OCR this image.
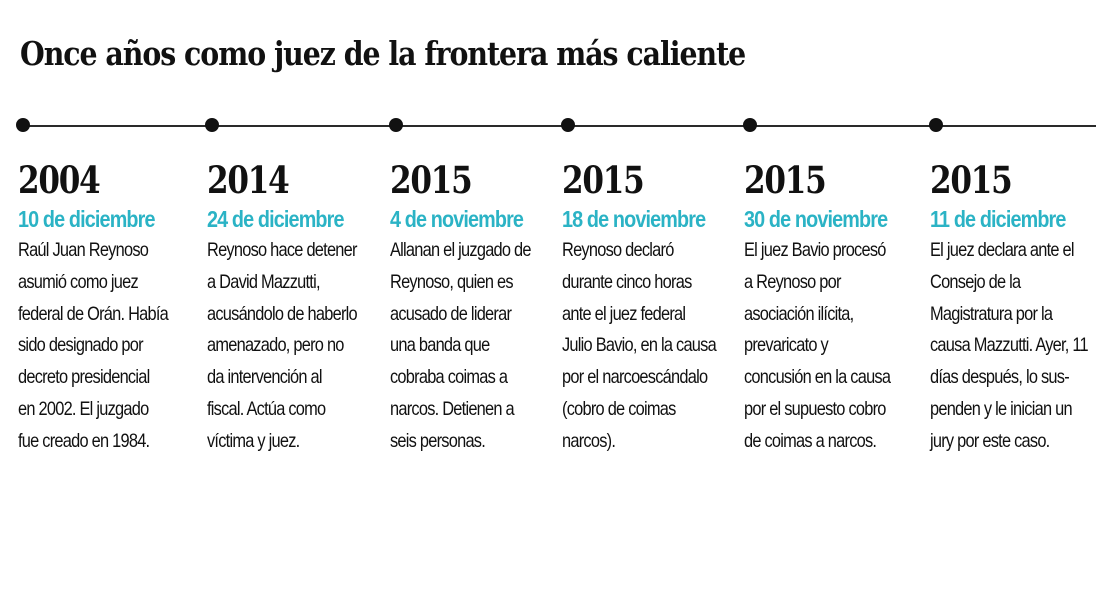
Once años como juez de la frontera más caliente
2004
10 de diciembre
Raúl Juan Reynoso
asumió como juez
federal de Orán. Había
sido designado por
decreto presidencial
en 2002. El juzgado
fue creado en 1984.
2014
24 de diciembre
Reynoso hace detener
a David Mazzutti,
acusándolo de haberlo
amenazado, pero no
da intervención al
fiscal. Actúa como
víctima y juez.
2015
4 de noviembre
Allanan el juzgado de
Reynoso, quien es
acusado de liderar
una banda que
cobraba coimas a
narcos. Detienen a
seis personas.
2015
18 de noviembre
Reynoso declaró
durante cinco horas
ante el juez federal
Julio Bavio, en la causa
por el narcoescándalo
(cobro de coimas
narcos).
2015
30 de noviembre
El juez Bavio procesó
a Reynoso por
asociación ilícita,
prevaricato y
concusión en la causa
por el supuesto cobro
de coimas a narcos.
2015
11 de diciembre
El juez declara ante el
Consejo de la
Magistratura por la
causa Mazzutti. Ayer, 11
días después, lo sus-
penden y le inician un
jury por este caso.
